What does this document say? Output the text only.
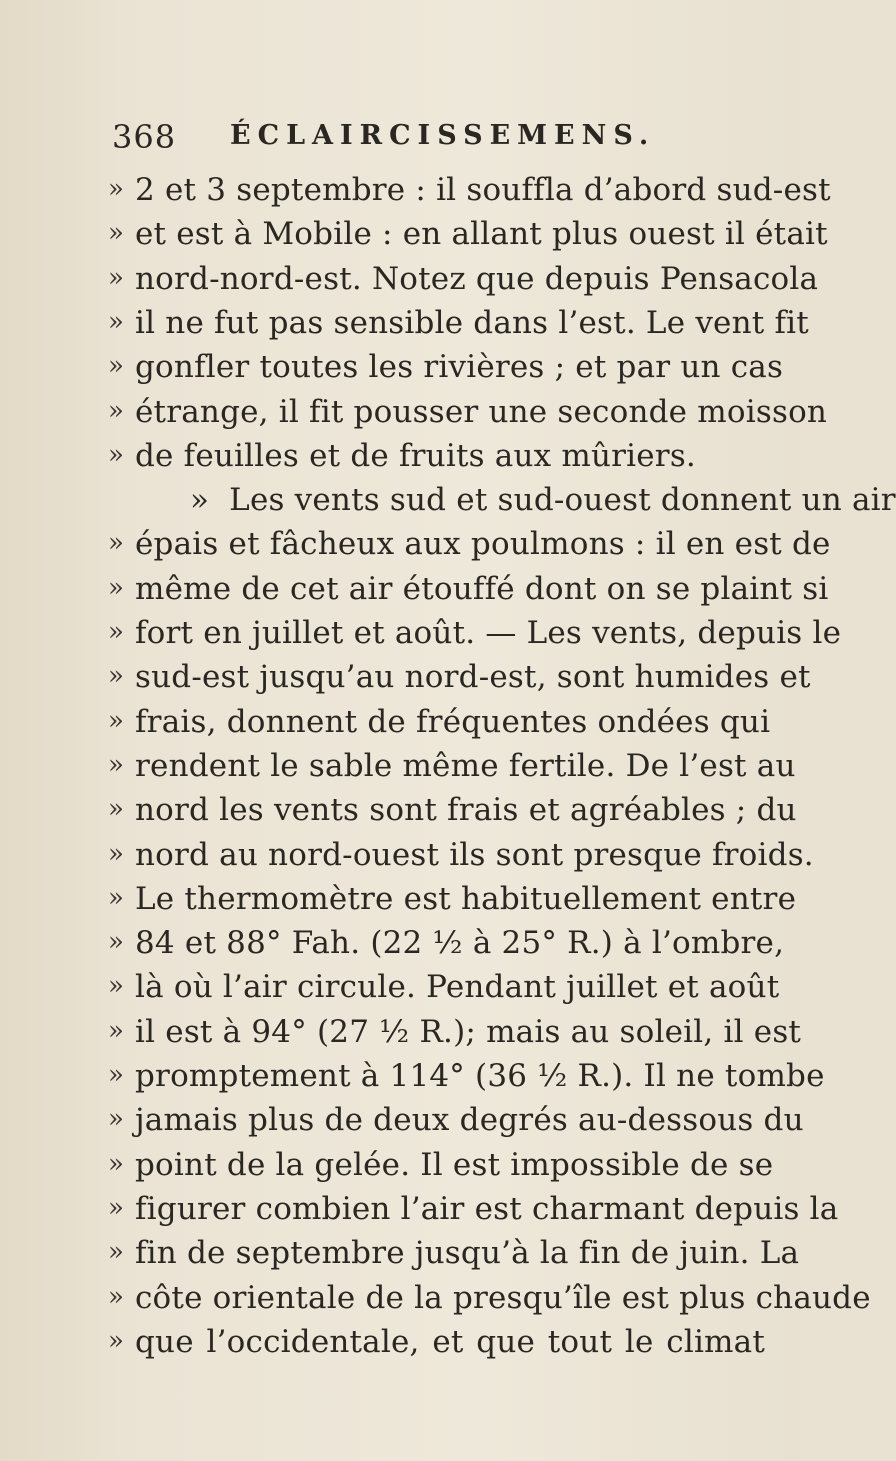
368 ÉCLAIRCISSEMENS.
» 2 et 3 septembre : il souffla d’abord sud-est
» et est à Mobile : en allant plus ouest il était
» nord-nord-est. Notez que depuis Pensacola
» il ne fut pas sensible dans l’est. Le vent fit
» gonfler toutes les rivières ; et par un cas
» étrange, il fit pousser une seconde moisson
» de feuilles et de fruits aux mûriers.
» Les vents sud et sud-ouest donnent un air
» épais et fâcheux aux poulmons : il en est de
» même de cet air étouffé dont on se plaint si
» fort en juillet et août. — Les vents, depuis le
» sud-est jusqu’au nord-est, sont humides et
» frais, donnent de fréquentes ondées qui
» rendent le sable même fertile. De l’est au
» nord les vents sont frais et agréables ; du
» nord au nord-ouest ils sont presque froids.
» Le thermomètre est habituellement entre
» 84 et 88° Fah. (22 ½ à 25° R.) à l’ombre,
» là où l’air circule. Pendant juillet et août
» il est à 94° (27 ½ R.); mais au soleil, il est
» promptement à 114° (36 ½ R.). Il ne tombe
» jamais plus de deux degrés au-dessous du
» point de la gelée. Il est impossible de se
» figurer combien l’air est charmant depuis la
» fin de septembre jusqu’à la fin de juin. La
» côte orientale de la presqu’île est plus chaude
» que l’occidentale, et que tout le climat
